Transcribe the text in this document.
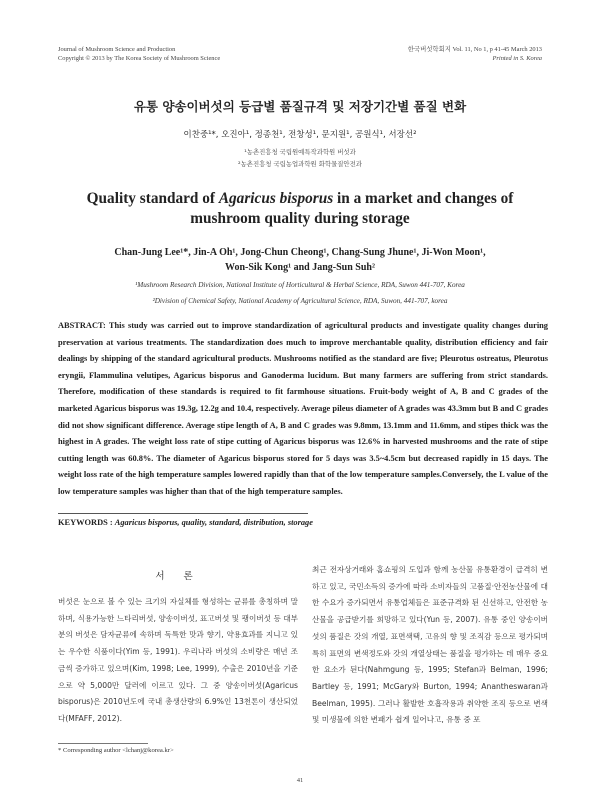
Journal of Mushroom Science and Production
Copyright © 2013 by The Korea Society of Mushroom Science
한국버섯학회지 Vol. 11, No 1, p 41-45 March 2013
Printed in S. Korea
유통 양송이버섯의 등급별 품질규격 및 저장기간별 품질 변화
이찬중¹*, 오진아¹, 정종천¹, 전창성¹, 문지원¹, 공원식¹, 서장선²
¹농촌진흥청 국립원예특작과학원 버섯과
²농촌진흥청 국립농업과학원 화학물질안전과
Quality standard of Agaricus bisporus in a market and changes of mushroom quality during storage
Chan-Jung Lee¹*, Jin-A Oh¹, Jong-Chun Cheong¹, Chang-Sung Jhune¹, Ji-Won Moon¹,
Won-Sik Kong¹ and Jang-Sun Suh²
¹Mushroom Research Division, National Institute of Horticultural & Herbal Science, RDA, Suwon 441-707, Korea
²Division of Chemical Safety, National Academy of Agricultural Science, RDA, Suwon, 441-707, korea
ABSTRACT: This study was carried out to improve standardization of agricultural products and investigate quality changes during preservation at various treatments. The standardization does much to improve merchantable quality, distribution efficiency and fair dealings by shipping of the standard agricultural products. Mushrooms notified as the standard are five; Pleurotus ostreatus, Pleurotus eryngii, Flammulina velutipes, Agaricus bisporus and Ganoderma lucidum. But many farmers are suffering from strict standards. Therefore, modification of these standards is required to fit farmhouse situations. Fruit-body weight of A, B and C grades of the marketed Agaricus bisporus was 19.3g, 12.2g and 10.4, respectively. Average pileus diameter of A grades was 43.3mm but B and C grades did not show significant difference. Average stipe length of A, B and C grades was 9.8mm, 13.1mm and 11.6mm, and stipes thick was the highest in A grades. The weight loss rate of stipe cutting of Agaricus bisporus was 12.6% in harvested mushrooms and the rate of stipe cutting length was 60.8%. The diameter of Agaricus bisporus stored for 5 days was 3.5~4.5cm but decreased rapidly in 15 days. The weight loss rate of the high temperature samples lowered rapidly than that of the low temperature samples.Conversely, the L value of the low temperature samples was higher than that of the high temperature samples.
KEYWORDS : Agaricus bisporus, quality, standard, distribution, storage
서 론
버섯은 눈으로 볼 수 있는 크기의 자실체를 형성하는 균류를 총칭하며 말하며, 식용가능한 느타리버섯, 양송이버섯, 표고버섯 및 팽이버섯 등 대부분의 버섯은 담자균류에 속하며 독특한 맛과 향기, 약용효과를 지니고 있는 우수한 식품이다(Yim 등, 1991). 우리나라 버섯의 소비량은 매년 조금씩 증가하고 있으며(Kim, 1998; Lee, 1999), 수출은 2010년을 기준으로 약 5,000만 달러에 이르고 있다. 그 중 양송이버섯(Agaricus bisporus)은 2010년도에 국내 총생산량의 6.9%인 13천톤이 생산되었다(MFAFF, 2012).
최근 전자상거래와 홈쇼핑의 도입과 함께 농산물 유통환경이 급격히 변하고 있고, 국민소득의 증가에 따라 소비자들의 고품질·안전농산물에 대한 수요가 증가되면서 유통업체들은 표준규격화 된 신선하고, 안전한 농산물을 공급받기를 희망하고 있다(Yun 등, 2007). 유통 중인 양송이버섯의 품질은 갓의 개열, 표면색택, 고유의 향 및 조직감 등으로 평가되며 특히 표면의 변색정도와 갓의 개열상태는 품질을 평가하는 데 매우 중요한 요소가 된다(Nahmgung 등, 1995; Stefan과 Belman, 1996; Bartley 등, 1991; McGary와 Burton, 1994; Anantheswaran과 Beelman, 1995). 그러나 활발한 호흡작용과 취약한 조직 등으로 변색 및 미생물에 의한 변패가 쉽게 일어나고, 유통 중 포
* Corresponding author <lchanj@korea.kr>
41
